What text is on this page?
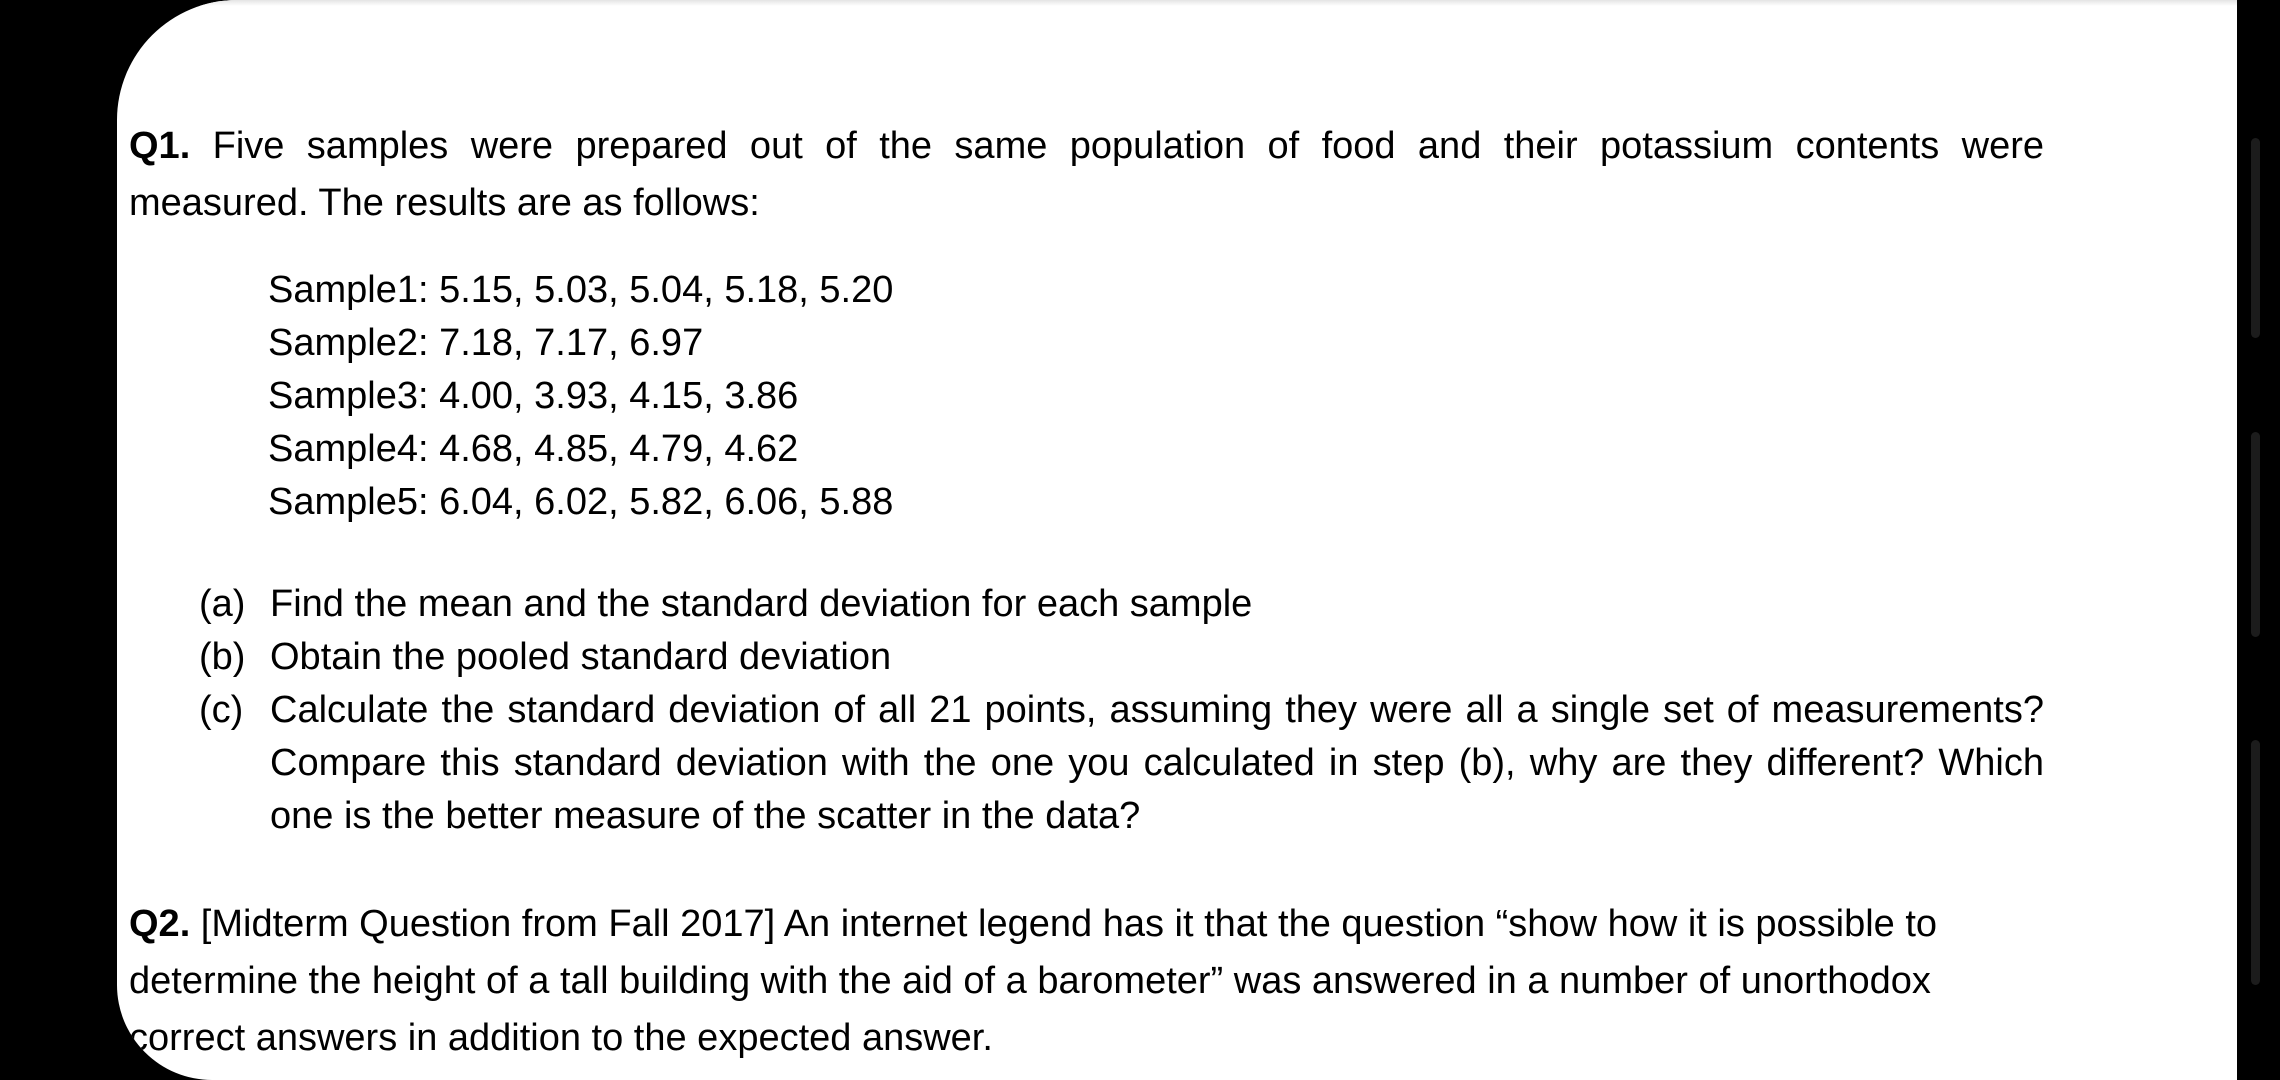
Q1. Five samples were prepared out of the same population of food and their potassium contents were measured. The results are as follows:
Sample1: 5.15, 5.03, 5.04, 5.18, 5.20
Sample2: 7.18, 7.17, 6.97
Sample3: 4.00, 3.93, 4.15, 3.86
Sample4: 4.68, 4.85, 4.79, 4.62
Sample5: 6.04, 6.02, 5.82, 6.06, 5.88
(a) Find the mean and the standard deviation for each sample
(b) Obtain the pooled standard deviation
(c) Calculate the standard deviation of all 21 points, assuming they were all a single set of measurements? Compare this standard deviation with the one you calculated in step (b), why are they different? Which one is the better measure of the scatter in the data?
Q2. [Midterm Question from Fall 2017] An internet legend has it that the question “show how it is possible to determine the height of a tall building with the aid of a barometer” was answered in a number of unorthodox correct answers in addition to the expected answer.
